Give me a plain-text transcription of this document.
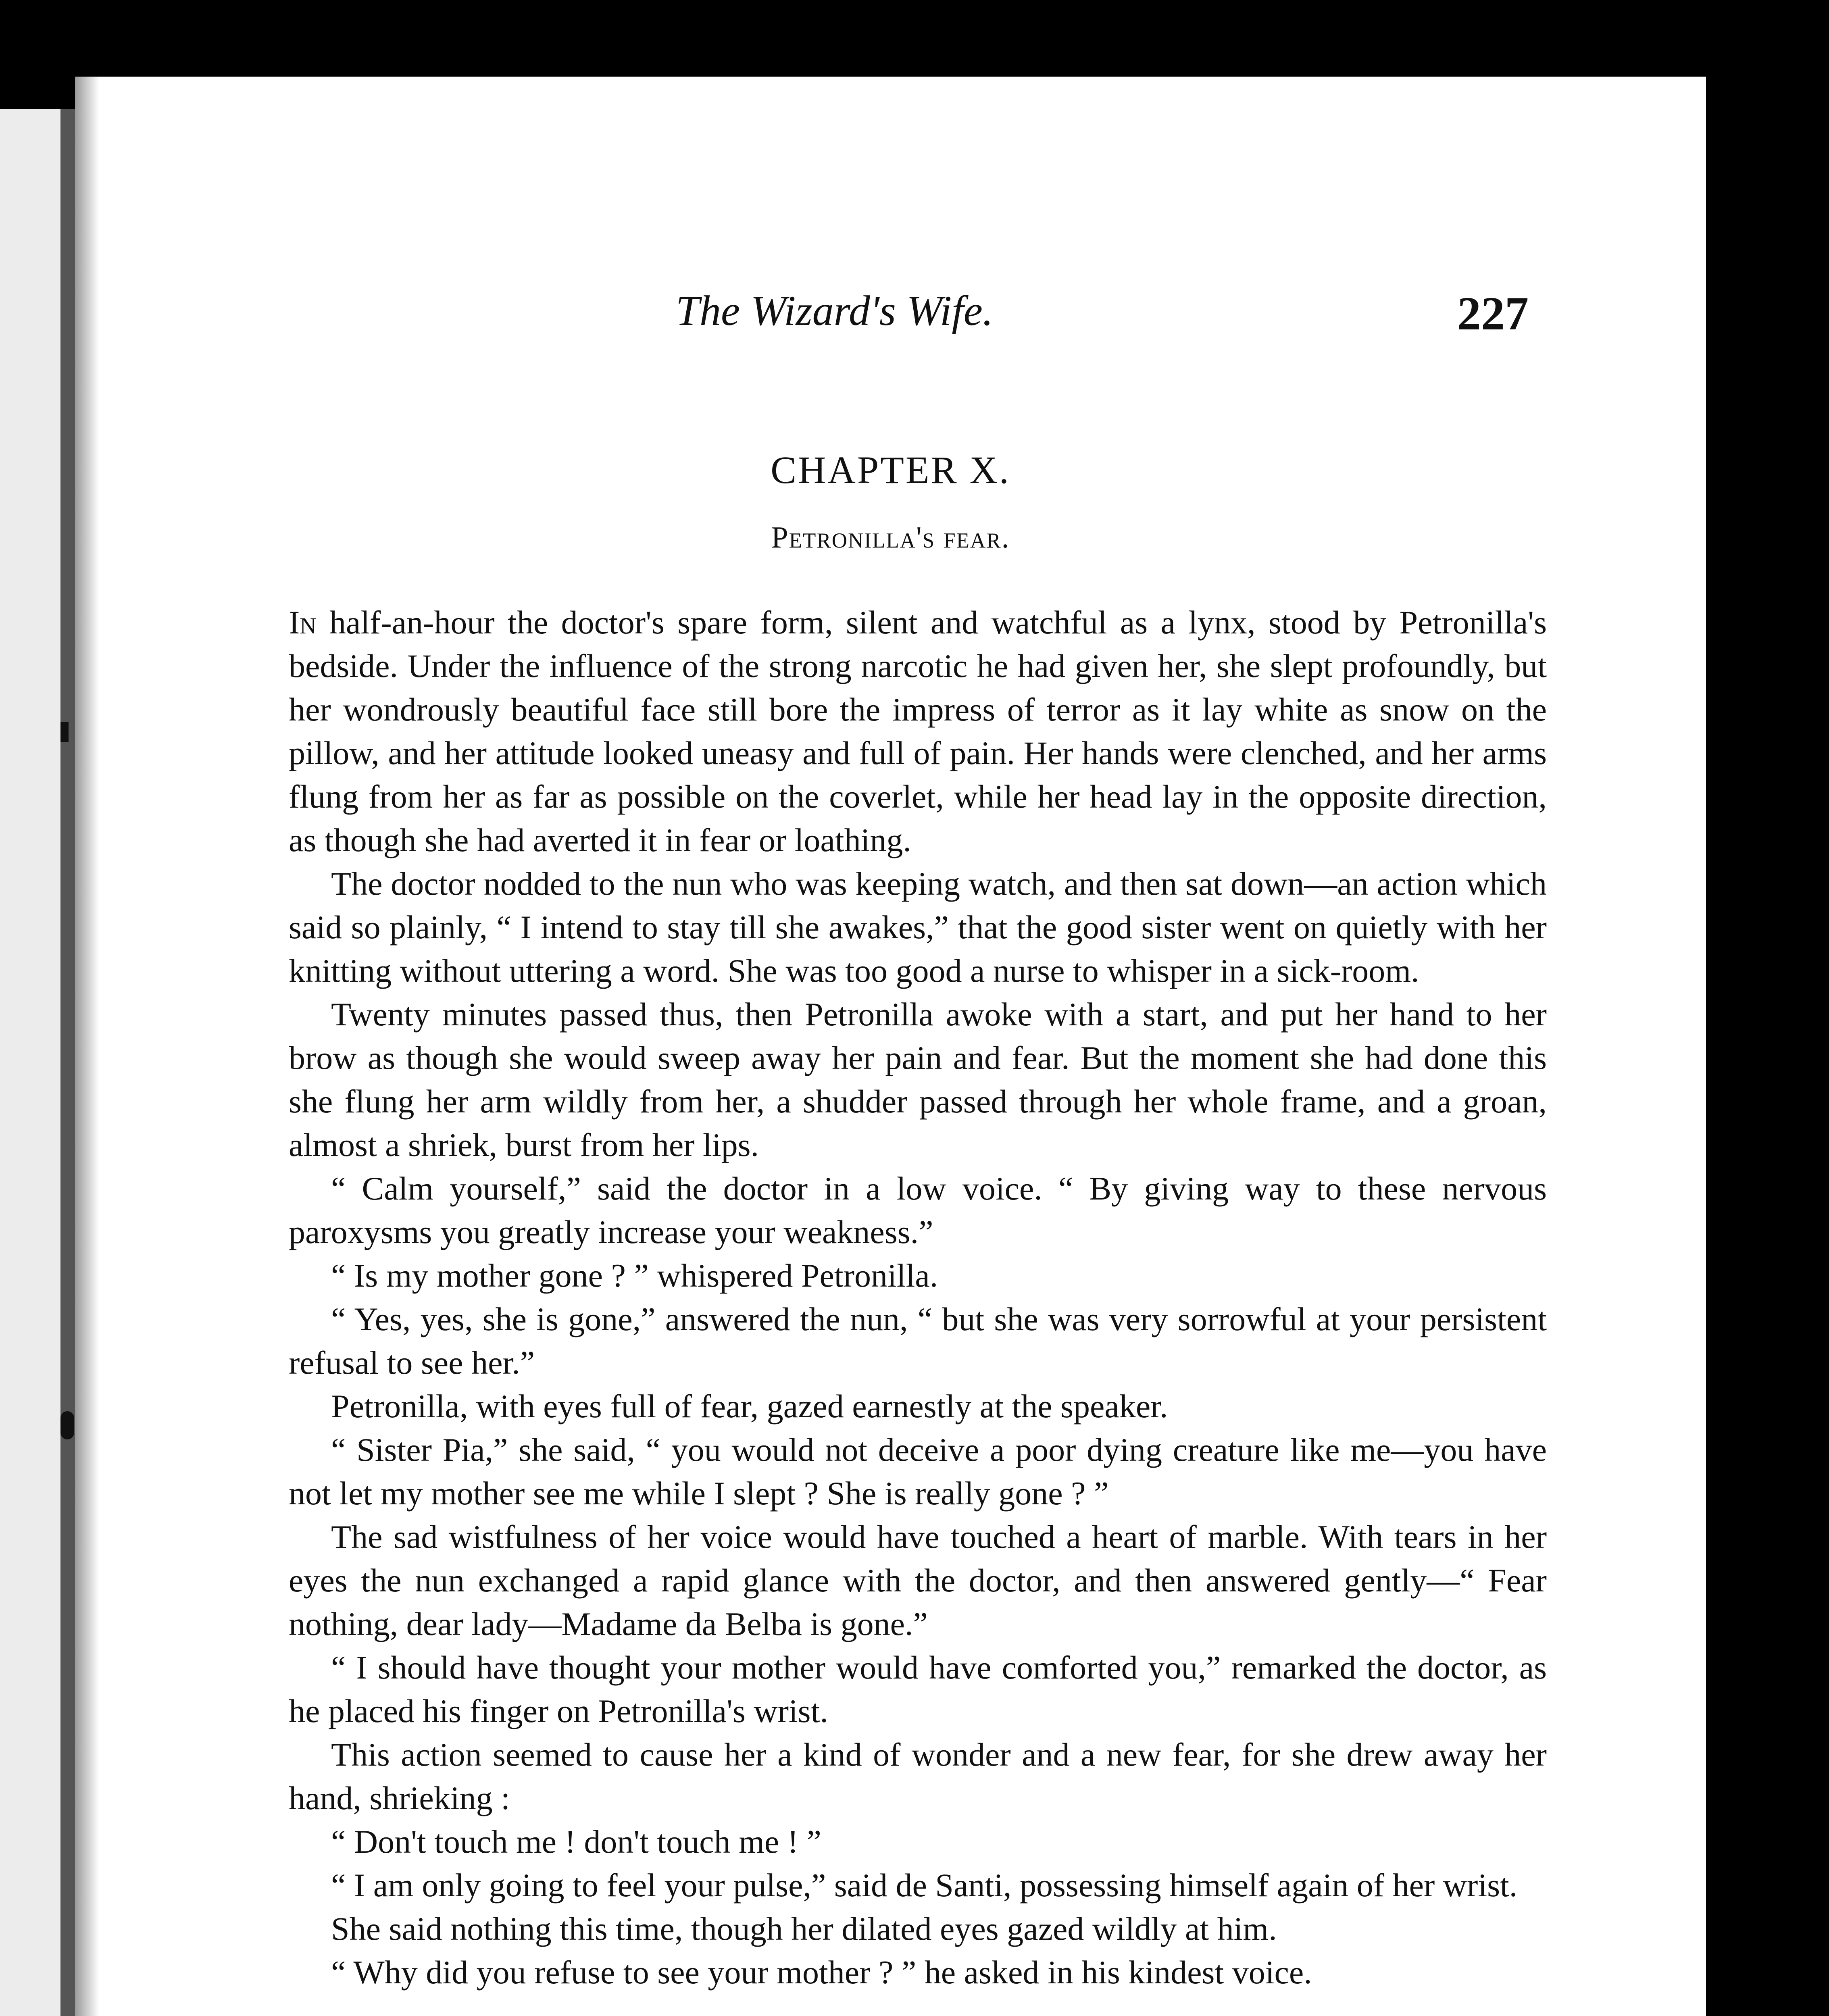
The Wizard's Wife.	227
CHAPTER X.
Petronilla's fear.

In half-an-hour the doctor's spare form, silent and watchful as a lynx, stood by Petronilla's bedside. Under the influence of the strong narcotic he had given her, she slept profoundly, but her wondrously beautiful face still bore the impress of terror as it lay white as snow on the pillow, and her attitude looked uneasy and full of pain. Her hands were clenched, and her arms flung from her as far as possible on the coverlet, while her head lay in the opposite direction, as though she had averted it in fear or loathing.

The doctor nodded to the nun who was keeping watch, and then sat down—an action which said so plainly, “ I intend to stay till she awakes,” that the good sister went on quietly with her knitting without uttering a word. She was too good a nurse to whisper in a sick-room.

Twenty minutes passed thus, then Petronilla awoke with a start, and put her hand to her brow as though she would sweep away her pain and fear. But the moment she had done this she flung her arm wildly from her, a shudder passed through her whole frame, and a groan, almost a shriek, burst from her lips.

“ Calm yourself,” said the doctor in a low voice. “ By giving way to these nervous paroxysms you greatly increase your weakness.”

“ Is my mother gone ? ” whispered Petronilla.

“ Yes, yes, she is gone,” answered the nun, “ but she was very sorrowful at your persistent refusal to see her.”

Petronilla, with eyes full of fear, gazed earnestly at the speaker.

“ Sister Pia,” she said, “ you would not deceive a poor dying creature like me—you have not let my mother see me while I slept ? She is really gone ? ”

The sad wistfulness of her voice would have touched a heart of marble. With tears in her eyes the nun exchanged a rapid glance with the doctor, and then answered gently—“ Fear nothing, dear lady—Madame da Belba is gone.”

“ I should have thought your mother would have comforted you,” remarked the doctor, as he placed his finger on Petronilla's wrist.

This action seemed to cause her a kind of wonder and a new fear, for she drew away her hand, shrieking :

“ Don't touch me ! don't touch me ! ”

“ I am only going to feel your pulse,” said de Santi, possessing himself again of her wrist.

She said nothing this time, though her dilated eyes gazed wildly at him.

“ Why did you refuse to see your mother ? ” he asked in his kindest voice.
